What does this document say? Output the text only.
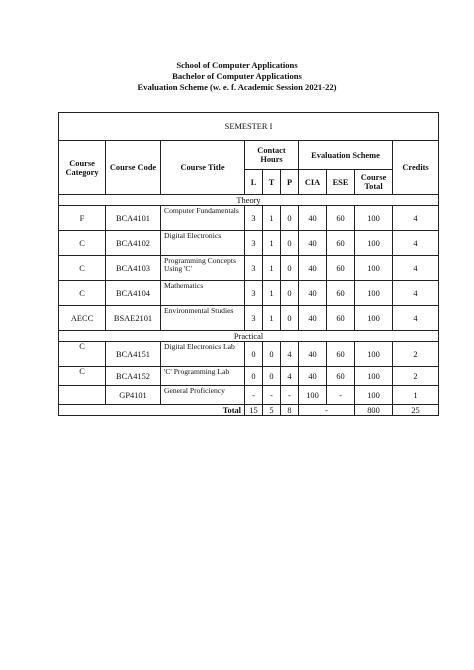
School of Computer Applications
Bachelor of Computer Applications
Evaluation Scheme (w. e. f. Academic Session 2021-22)
SEMESTER I									
Course Category	Course Code	Course Title	Contact Hours			Evaluation Scheme			Credits
			L	T	P	CIA	ESE	Course Total	
Theory									
F	BCA4101	Computer Fundamentals	3	1	0	40	60	100	4
C	BCA4102	Digital Electronics	3	1	0	40	60	100	4
C	BCA4103	Programming Concepts Using 'C'	3	1	0	40	60	100	4
C	BCA4104	Mathematics	3	1	0	40	60	100	4
AECC	BSAE2101	Environmental Studies	3	1	0	40	60	100	4
Practical									
C	BCA4151	Digital Electronics Lab	0	0	4	40	60	100	2
C	BCA4152	'C' Programming Lab	0	0	4	40	60	100	2
	GP4101	General Proficiency	-	-	-	100	-	100	1
Total			15	5	8	-		800	25
